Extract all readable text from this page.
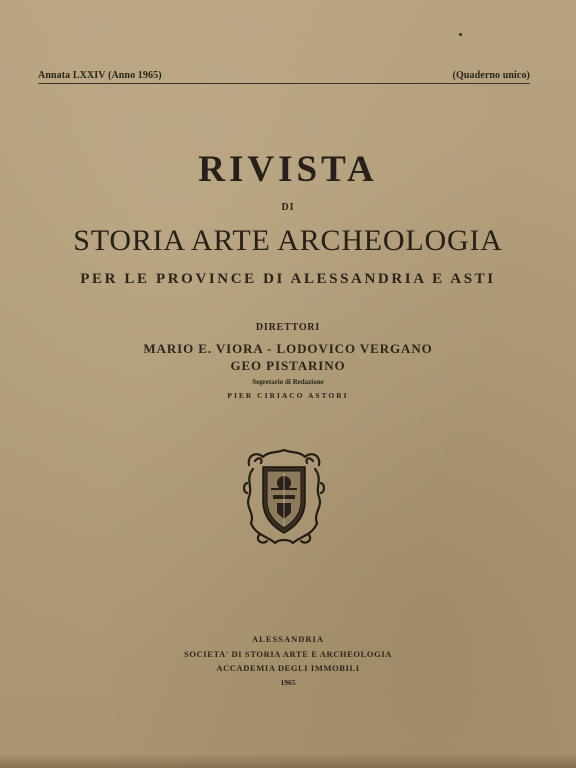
Annata LXXIV (Anno 1965)	(Quaderno unico)
RIVISTA
DI
STORIA ARTE ARCHEOLOGIA
PER LE PROVINCE DI ALESSANDRIA E ASTI
DIRETTORI
MARIO E. VIORA - LODOVICO VERGANO
GEO PISTARINO
Segretario di Redazione
PIER CIRIACO ASTORI
ALESSANDRIA
SOCIETA' DI STORIA ARTE E ARCHEOLOGIA
ACCADEMIA DEGLI IMMOBILI
1965
